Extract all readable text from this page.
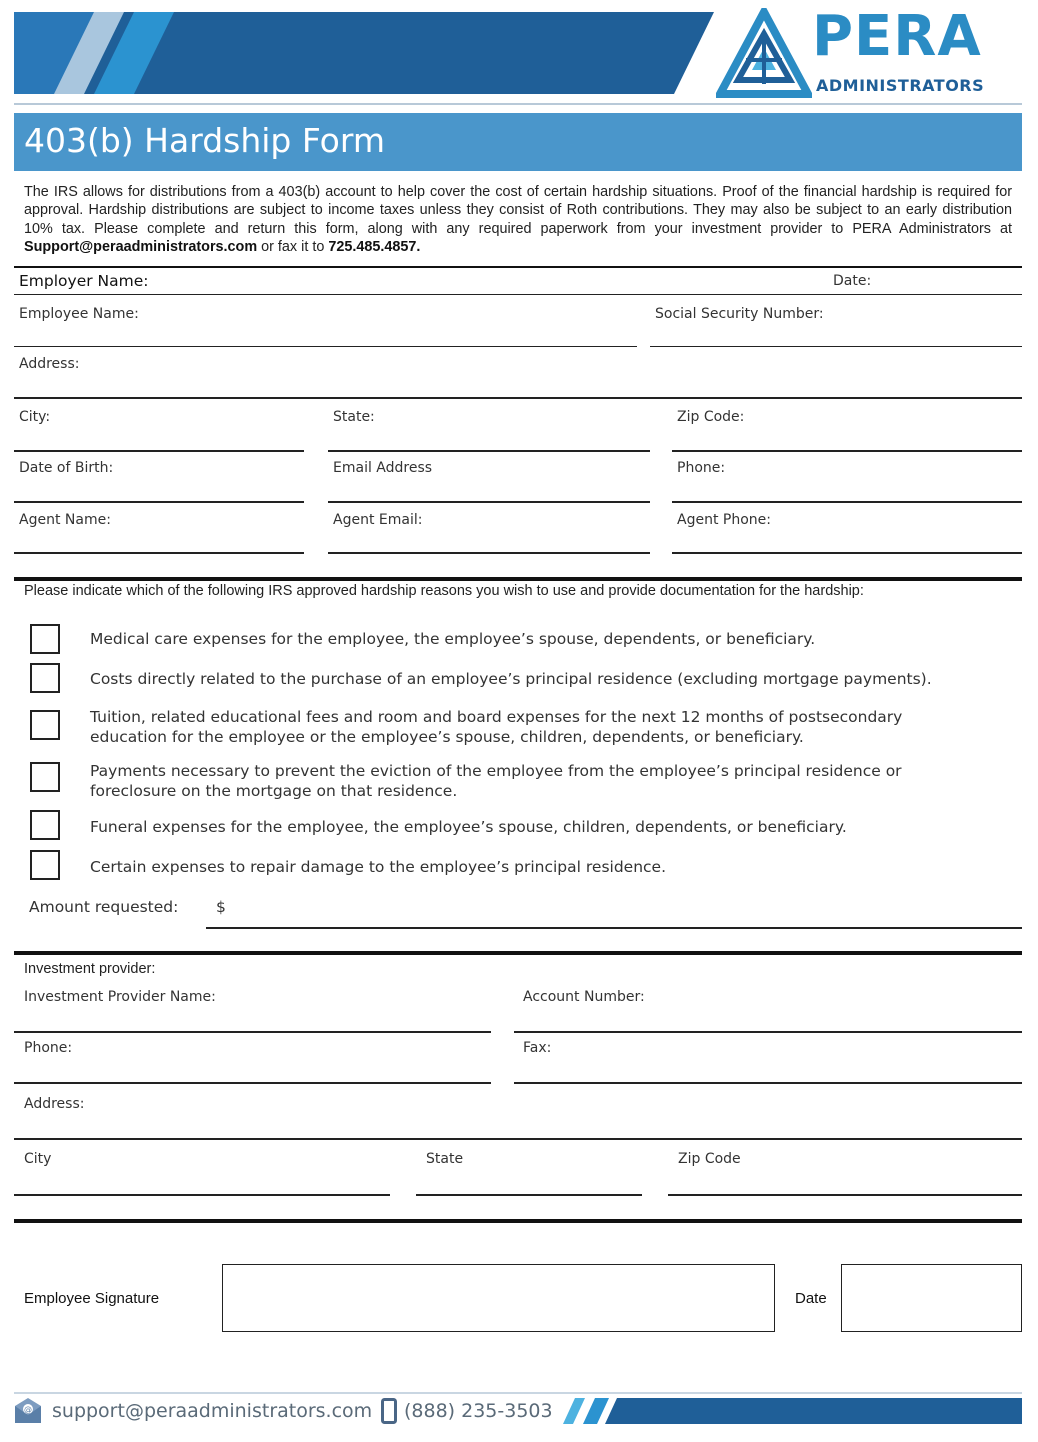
PERA
ADMINISTRATORS
403(b) Hardship Form
The IRS allows for distributions from a 403(b) account to help cover the cost of certain hardship situations. Proof of the financial hardship is required for approval. Hardship distributions are subject to income taxes unless they consist of Roth contributions. They may also be subject to an early distribution 10% tax. Please complete and return this form, along with any required paperwork from your investment provider to PERA Administrators at Support@peraadministrators.com or fax it to 725.485.4857.
Employer Name:	Date:
Employee Name:	Social Security Number:
Address:
City:	State:	Zip Code:
Date of Birth:	Email Address	Phone:
Agent Name:	Agent Email:	Agent Phone:
Please indicate which of the following IRS approved hardship reasons you wish to use and provide documentation for the hardship:
Medical care expenses for the employee, the employee’s spouse, dependents, or beneficiary.
Costs directly related to the purchase of an employee’s principal residence (excluding mortgage payments).
Tuition, related educational fees and room and board expenses for the next 12 months of postsecondary education for the employee or the employee’s spouse, children, dependents, or beneficiary.
Payments necessary to prevent the eviction of the employee from the employee’s principal residence or foreclosure on the mortgage on that residence.
Funeral expenses for the employee, the employee’s spouse, children, dependents, or beneficiary.
Certain expenses to repair damage to the employee’s principal residence.
Amount requested: $
Investment provider:
Investment Provider Name:	Account Number:
Phone:	Fax:
Address:
City	State	Zip Code
Employee Signature	Date
@ support@peraadministrators.com (888) 235-3503
